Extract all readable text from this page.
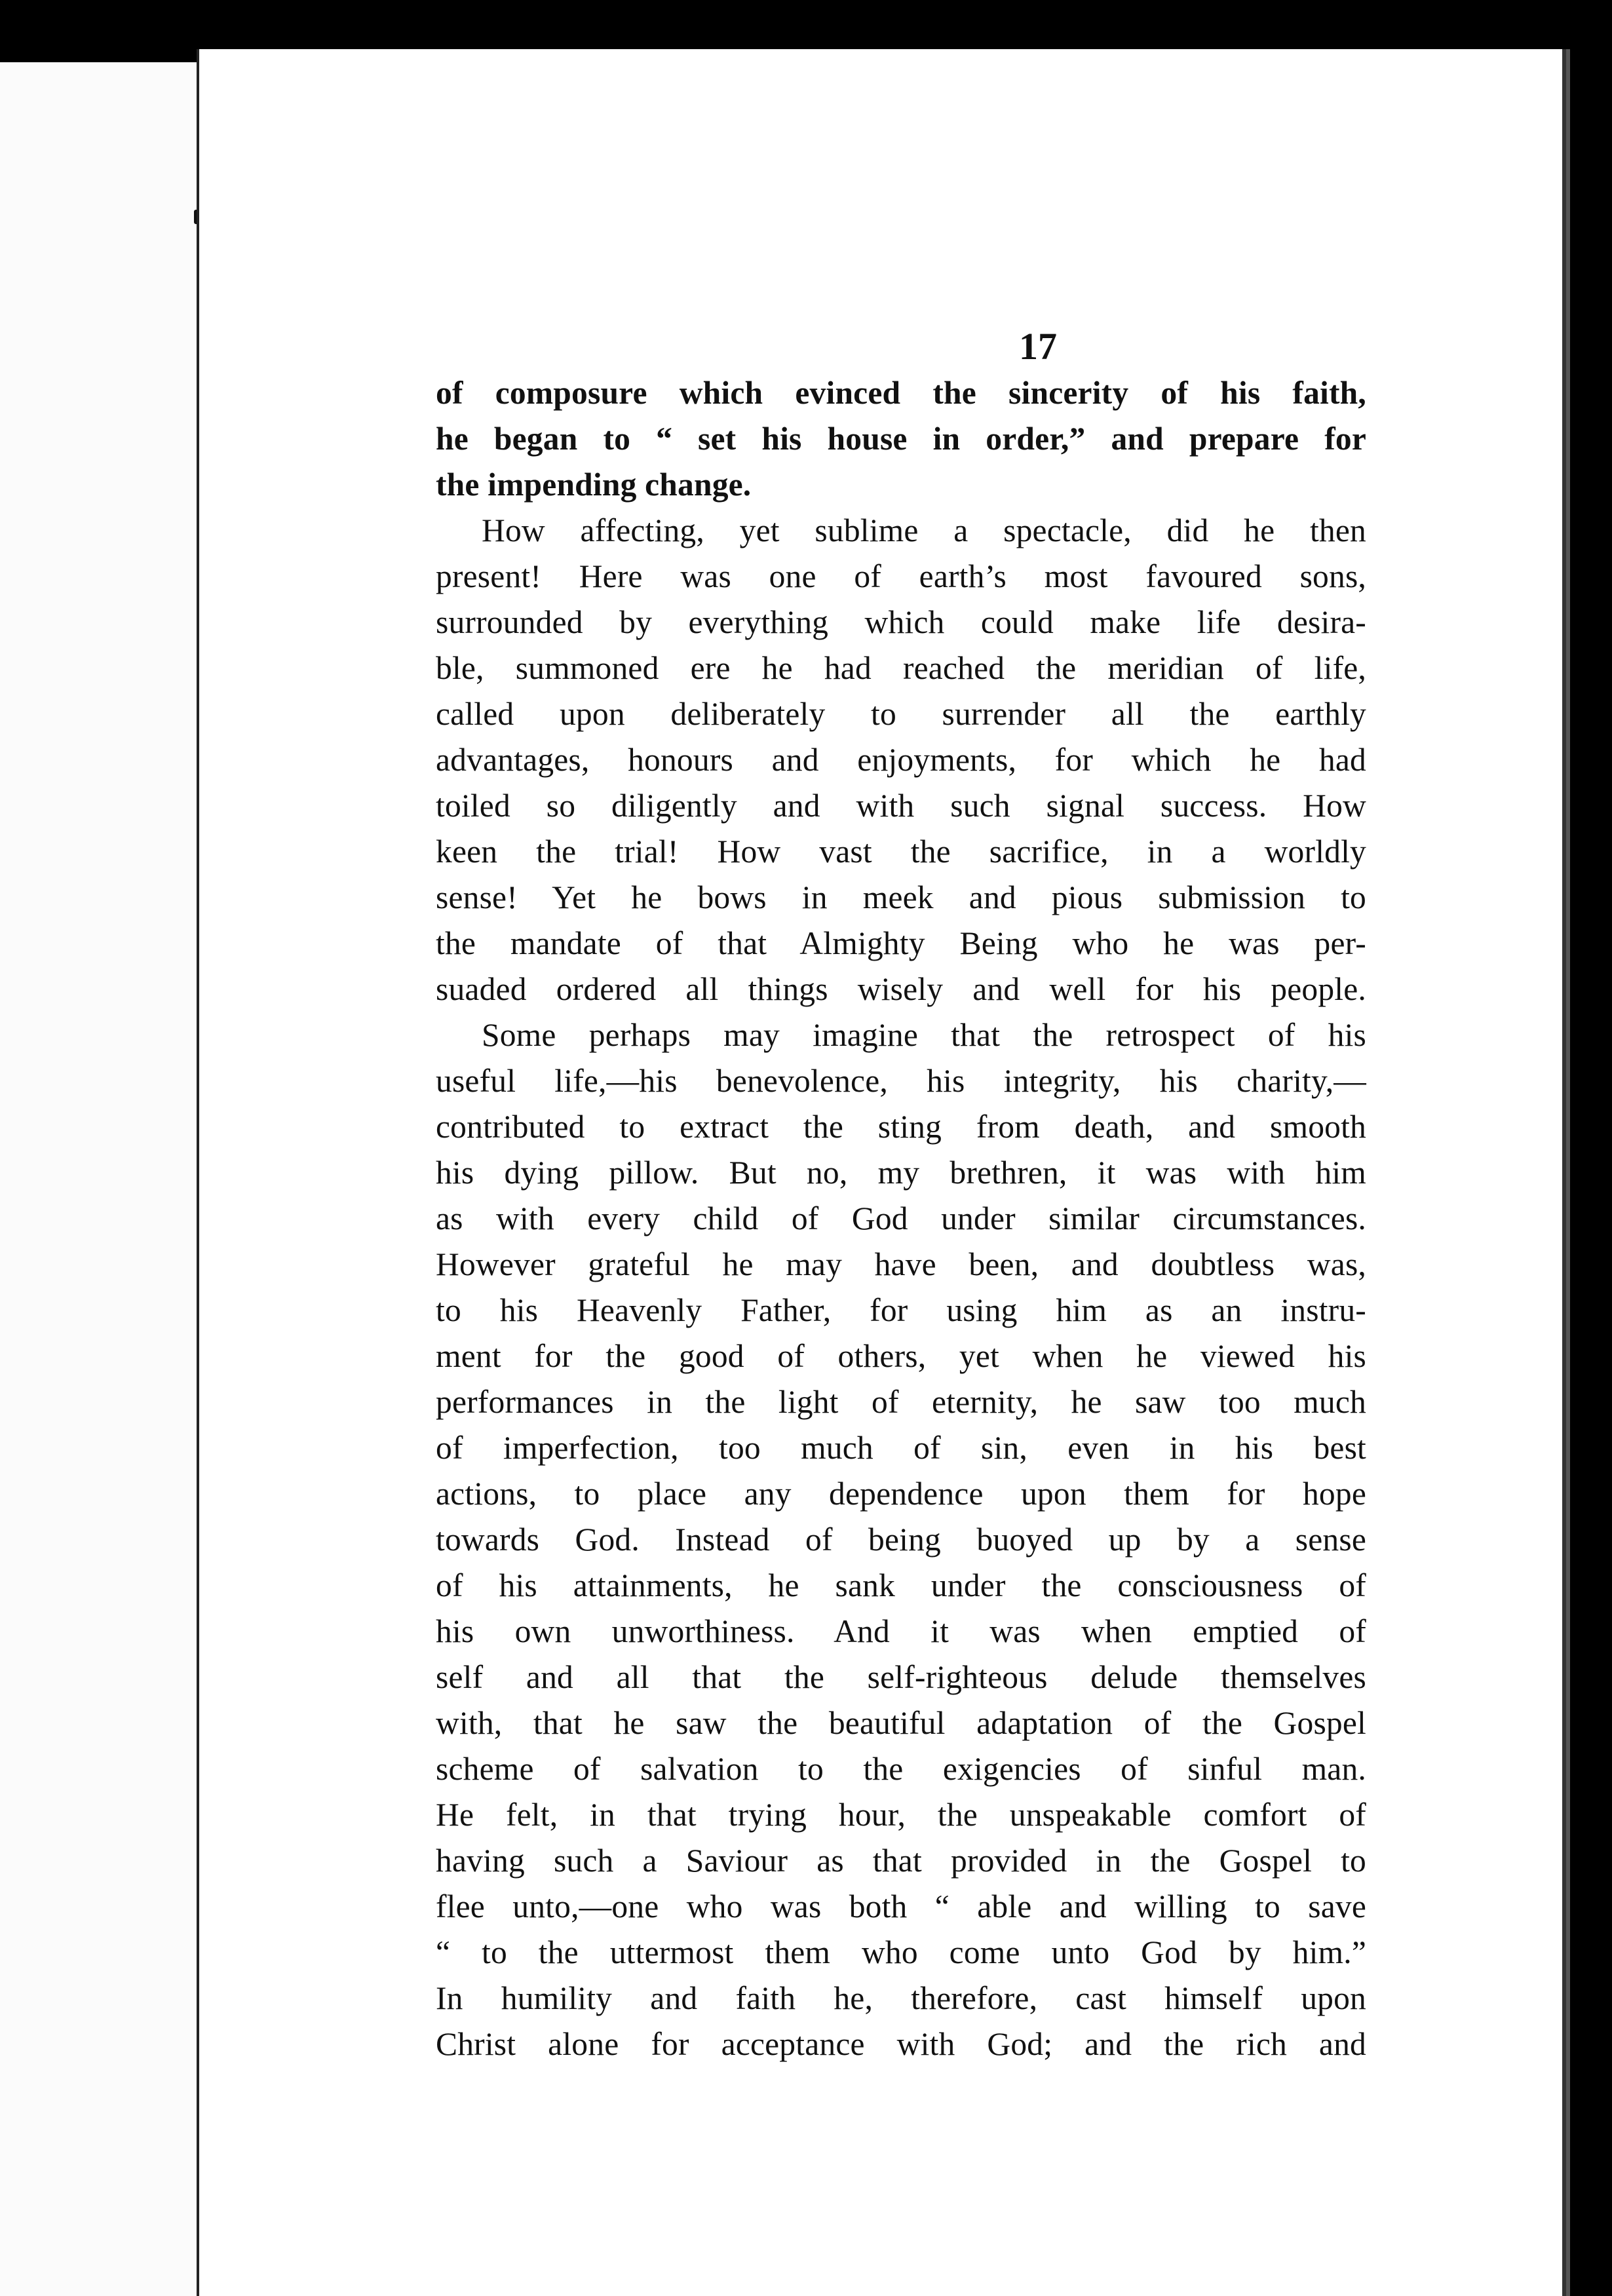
17
of composure which evinced the sincerity of his faith,
he began to “ set his house in order,” and prepare for
the impending change.
How affecting, yet sublime a spectacle, did he then
present! Here was one of earth’s most favoured sons,
surrounded by everything which could make life desira-
ble, summoned ere he had reached the meridian of life,
called upon deliberately to surrender all the earthly
advantages, honours and enjoyments, for which he had
toiled so diligently and with such signal success. How
keen the trial! How vast the sacrifice, in a worldly
sense! Yet he bows in meek and pious submission to
the mandate of that Almighty Being who he was per-
suaded ordered all things wisely and well for his people.
Some perhaps may imagine that the retrospect of his
useful life,—his benevolence, his integrity, his charity,—
contributed to extract the sting from death, and smooth
his dying pillow. But no, my brethren, it was with him
as with every child of God under similar circumstances.
However grateful he may have been, and doubtless was,
to his Heavenly Father, for using him as an instru-
ment for the good of others, yet when he viewed his
performances in the light of eternity, he saw too much
of imperfection, too much of sin, even in his best
actions, to place any dependence upon them for hope
towards God. Instead of being buoyed up by a sense
of his attainments, he sank under the consciousness of
his own unworthiness. And it was when emptied of
self and all that the self-righteous delude themselves
with, that he saw the beautiful adaptation of the Gospel
scheme of salvation to the exigencies of sinful man.
He felt, in that trying hour, the unspeakable comfort of
having such a Saviour as that provided in the Gospel to
flee unto,—one who was both “ able and willing to save
“ to the uttermost them who come unto God by him.”
In humility and faith he, therefore, cast himself upon
Christ alone for acceptance with God; and the rich and
